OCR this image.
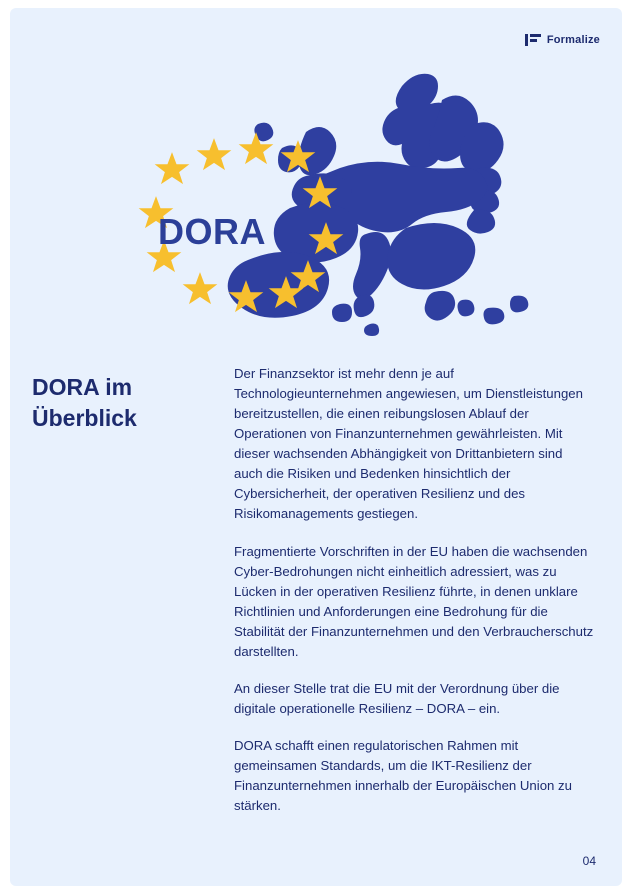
Formalize
DORA
DORA im Überblick

Der Finanzsektor ist mehr denn je auf Technologieunternehmen angewiesen, um Dienstleistungen bereitzustellen, die einen reibungslosen Ablauf der Operationen von Finanzunternehmen gewährleisten. Mit dieser wachsenden Abhängigkeit von Drittanbietern sind auch die Risiken und Bedenken hinsichtlich der Cybersicherheit, der operativen Resilienz und des Risikomanagements gestiegen.

Fragmentierte Vorschriften in der EU haben die wachsenden Cyber-Bedrohungen nicht einheitlich adressiert, was zu Lücken in der operativen Resilienz führte, in denen unklare Richtlinien und Anforderungen eine Bedrohung für die Stabilität der Finanzunternehmen und den Verbraucherschutz darstellten.

An dieser Stelle trat die EU mit der Verordnung über die digitale operationelle Resilienz – DORA – ein.

DORA schafft einen regulatorischen Rahmen mit gemeinsamen Standards, um die IKT-Resilienz der Finanzunternehmen innerhalb der Europäischen Union zu stärken.

04
